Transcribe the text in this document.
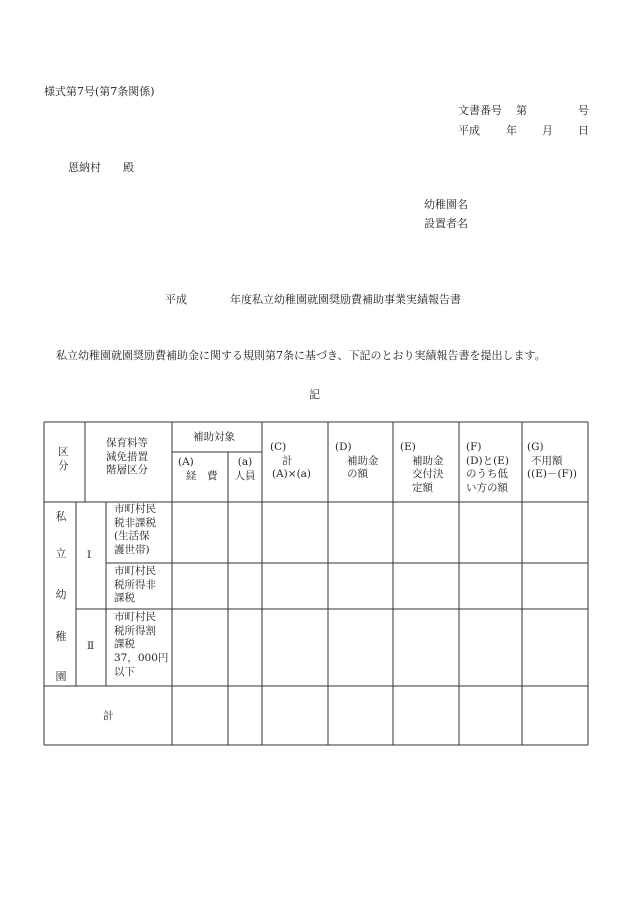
様式第7号(第7条関係)
文書番号 第	号
平成 年 月 日
恩納村　　殿
幼稚園名
設置者名
平成	年度私立幼稚園就園奨励費補助事業実績報告書
私立幼稚園就園奨励費補助金に関する規則第7条に基づき、下記のとおり実績報告書を提出します。
記
区
分
保育料等
減免措置
階層区分
補助対象
(A)
経　費
(a)
人員
(C)
計
(A)×(a)
(D)
補助金
の額
(E)
補助金
交付決
定額
(F)
(D)と(E)
のうち低
い方の額
(G)
不用額
((E)－(F))
私
立
幼
稚
園
Ⅰ
Ⅱ
市町村民
税非課税
(生活保
護世帯)
市町村民
税所得非
課税
市町村民
税所得割
課税
37，000円
以下
計
